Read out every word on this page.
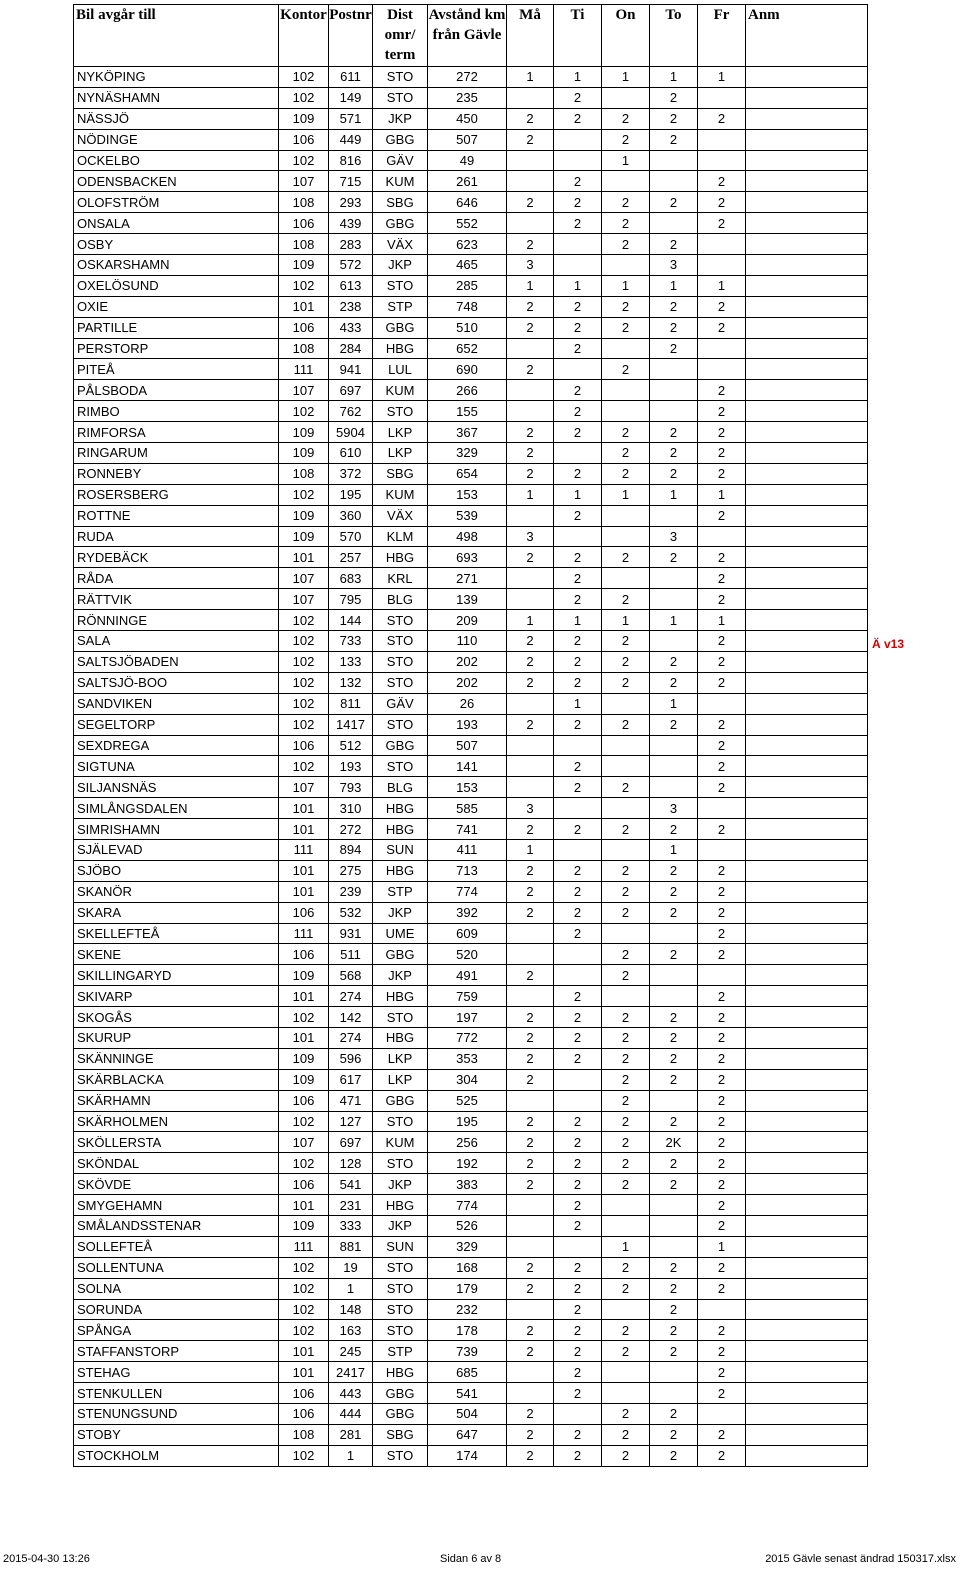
Bil avgår till	Kontor	Postnr	Dist omr/ term	Avstånd km från Gävle	Må	Ti	On	To	Fr	Anm
NYKÖPING	102	611	STO	272	1	1	1	1	1	
NYNÄSHAMN	102	149	STO	235		2		2		
NÄSSJÖ	109	571	JKP	450	2	2	2	2	2	
NÖDINGE	106	449	GBG	507	2		2	2		
OCKELBO	102	816	GÄV	49			1			
ODENSBACKEN	107	715	KUM	261		2			2	
OLOFSTRÖM	108	293	SBG	646	2	2	2	2	2	
ONSALA	106	439	GBG	552		2	2		2	
OSBY	108	283	VÄX	623	2		2	2		
OSKARSHAMN	109	572	JKP	465	3			3		
OXELÖSUND	102	613	STO	285	1	1	1	1	1	
OXIE	101	238	STP	748	2	2	2	2	2	
PARTILLE	106	433	GBG	510	2	2	2	2	2	
PERSTORP	108	284	HBG	652		2		2		
PITEÅ	111	941	LUL	690	2		2			
PÅLSBODA	107	697	KUM	266		2			2	
RIMBO	102	762	STO	155		2			2	
RIMFORSA	109	5904	LKP	367	2	2	2	2	2	
RINGARUM	109	610	LKP	329	2		2	2	2	
RONNEBY	108	372	SBG	654	2	2	2	2	2	
ROSERSBERG	102	195	KUM	153	1	1	1	1	1	
ROTTNE	109	360	VÄX	539		2			2	
RUDA	109	570	KLM	498	3			3		
RYDEBÄCK	101	257	HBG	693	2	2	2	2	2	
RÅDA	107	683	KRL	271		2			2	
RÄTTVIK	107	795	BLG	139		2	2		2	
RÖNNINGE	102	144	STO	209	1	1	1	1	1	
SALA	102	733	STO	110	2	2	2		2	
SALTSJÖBADEN	102	133	STO	202	2	2	2	2	2	
SALTSJÖ-BOO	102	132	STO	202	2	2	2	2	2	
SANDVIKEN	102	811	GÄV	26		1		1		
SEGELTORP	102	1417	STO	193	2	2	2	2	2	
SEXDREGA	106	512	GBG	507					2	
SIGTUNA	102	193	STO	141		2			2	
SILJANSNÄS	107	793	BLG	153		2	2		2	
SIMLÅNGSDALEN	101	310	HBG	585	3			3		
SIMRISHAMN	101	272	HBG	741	2	2	2	2	2	
SJÄLEVAD	111	894	SUN	411	1			1		
SJÖBO	101	275	HBG	713	2	2	2	2	2	
SKANÖR	101	239	STP	774	2	2	2	2	2	
SKARA	106	532	JKP	392	2	2	2	2	2	
SKELLEFTEÅ	111	931	UME	609		2			2	
SKENE	106	511	GBG	520			2	2	2	
SKILLINGARYD	109	568	JKP	491	2		2			
SKIVARP	101	274	HBG	759		2			2	
SKOGÅS	102	142	STO	197	2	2	2	2	2	
SKURUP	101	274	HBG	772	2	2	2	2	2	
SKÄNNINGE	109	596	LKP	353	2	2	2	2	2	
SKÄRBLACKA	109	617	LKP	304	2		2	2	2	
SKÄRHAMN	106	471	GBG	525			2		2	
SKÄRHOLMEN	102	127	STO	195	2	2	2	2	2	
SKÖLLERSTA	107	697	KUM	256	2	2	2	2K	2	
SKÖNDAL	102	128	STO	192	2	2	2	2	2	
SKÖVDE	106	541	JKP	383	2	2	2	2	2	
SMYGEHAMN	101	231	HBG	774		2			2	
SMÅLANDSSTENAR	109	333	JKP	526		2			2	
SOLLEFTEÅ	111	881	SUN	329			1		1	
SOLLENTUNA	102	19	STO	168	2	2	2	2	2	
SOLNA	102	1	STO	179	2	2	2	2	2	
SORUNDA	102	148	STO	232		2		2		
SPÅNGA	102	163	STO	178	2	2	2	2	2	
STAFFANSTORP	101	245	STP	739	2	2	2	2	2	
STEHAG	101	2417	HBG	685		2			2	
STENKULLEN	106	443	GBG	541		2			2	
STENUNGSUND	106	444	GBG	504	2		2	2		
STOBY	108	281	SBG	647	2	2	2	2	2	
STOCKHOLM	102	1	STO	174	2	2	2	2	2	
Ä v13
2015-04-30 13:26	Sidan 6 av 8	2015 Gävle senast ändrad 150317.xlsx
